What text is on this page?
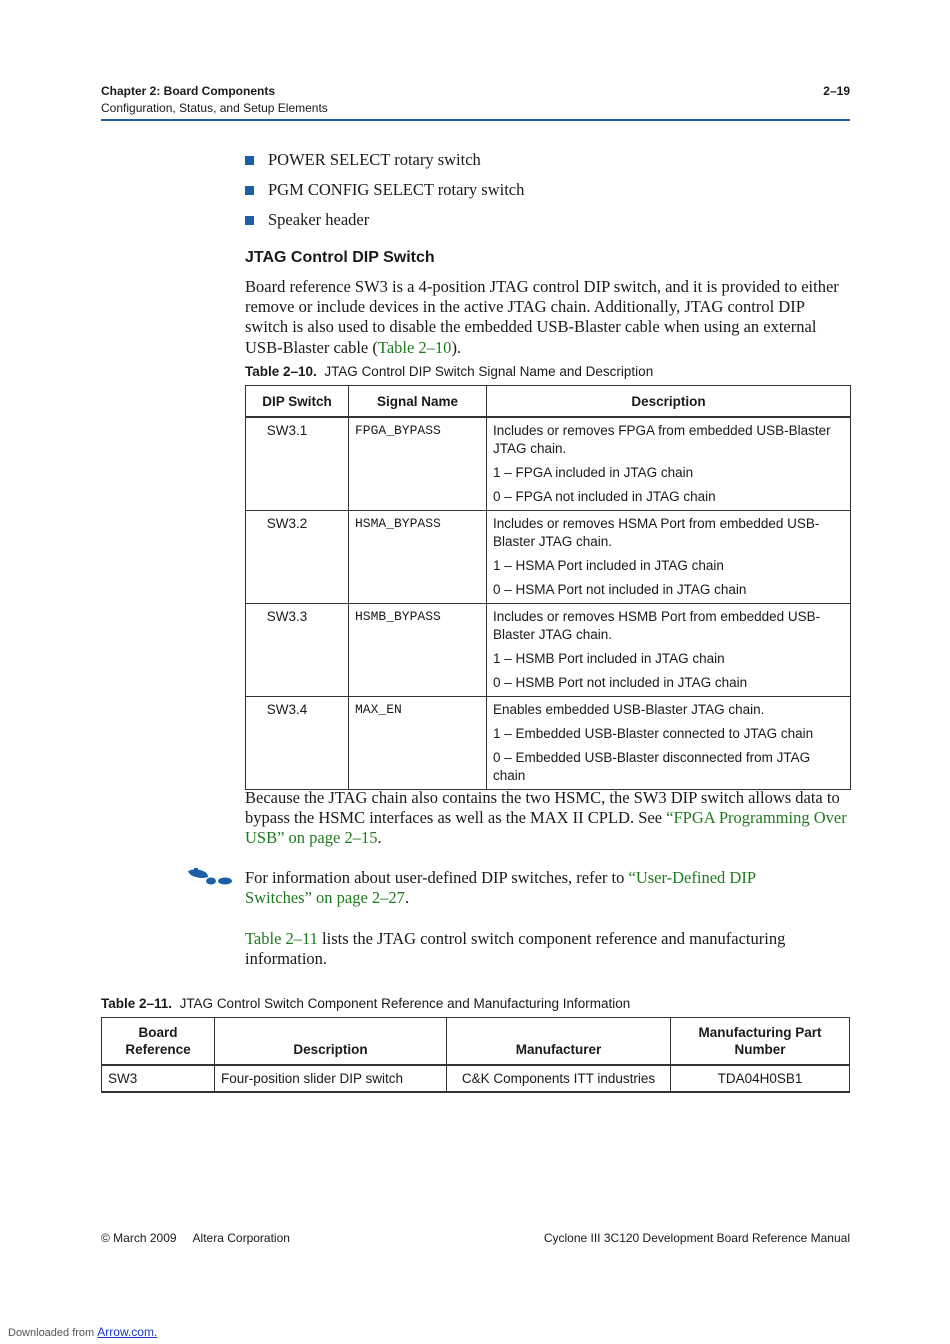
Chapter 2: Board Components
Configuration, Status, and Setup Elements
2–19
POWER SELECT rotary switch
PGM CONFIG SELECT rotary switch
Speaker header
JTAG Control DIP Switch

Board reference SW3 is a 4-position JTAG control DIP switch, and it is provided to either remove or include devices in the active JTAG chain. Additionally, JTAG control DIP switch is also used to disable the embedded USB-Blaster cable when using an external USB-Blaster cable (Table 2–10).

Table 2–10. JTAG Control DIP Switch Signal Name and Description
DIP Switch	Signal Name	Description
SW3.1	FPGA_BYPASS	Includes or removes FPGA from embedded USB-Blaster JTAG chain.

1 – FPGA included in JTAG chain

0 – FPGA not included in JTAG chain

SW3.2	HSMA_BYPASS	Includes or removes HSMA Port from embedded USB-Blaster JTAG chain.

1 – HSMA Port included in JTAG chain

0 – HSMA Port not included in JTAG chain

SW3.3	HSMB_BYPASS	Includes or removes HSMB Port from embedded USB-Blaster JTAG chain.

1 – HSMB Port included in JTAG chain

0 – HSMB Port not included in JTAG chain

SW3.4	MAX_EN	Enables embedded USB-Blaster JTAG chain.

1 – Embedded USB-Blaster connected to JTAG chain

0 – Embedded USB-Blaster disconnected from JTAG chain

Because the JTAG chain also contains the two HSMC, the SW3 DIP switch allows data to bypass the HSMC interfaces as well as the MAX II CPLD. See “FPGA Programming Over USB” on page 2–15.

For information about user-defined DIP switches, refer to “User-Defined DIP Switches” on page 2–27.

Table 2–11 lists the JTAG control switch component reference and manufacturing information.

Table 2–11. JTAG Control Switch Component Reference and Manufacturing Information
Board Reference	Description	Manufacturer	Manufacturing Part Number
SW3	Four-position slider DIP switch	C&K Components ITT industries	TDA04H0SB1
© March 2009     Altera Corporation	Cyclone III 3C120 Development Board Reference Manual
Downloaded from Arrow.com.
